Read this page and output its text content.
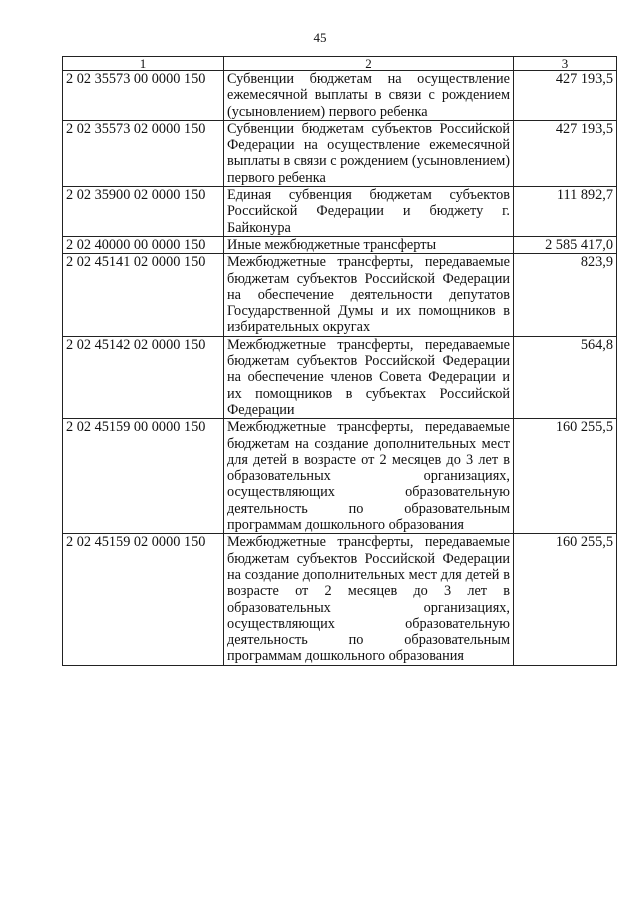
45
1	2	3
2 02 35573 00 0000 150	Субвенции бюджетам на осуществление ежемесячной выплаты в связи с рождением (усыновлением) первого ребенка	427 193,5
2 02 35573 02 0000 150	Субвенции бюджетам субъектов Российской Федерации на осуществление ежемесячной выплаты в связи с рождением (усыновлением) первого ребенка	427 193,5
2 02 35900 02 0000 150	Единая субвенция бюджетам субъектов Российской Федерации и бюджету г. Байконура	111 892,7
2 02 40000 00 0000 150	Иные межбюджетные трансферты	2 585 417,0
2 02 45141 02 0000 150	Межбюджетные трансферты, передаваемые бюджетам субъектов Российской Федерации на обеспечение деятельности депутатов Государственной Думы и их помощников в избирательных округах	823,9
2 02 45142 02 0000 150	Межбюджетные трансферты, передаваемые бюджетам субъектов Российской Федерации на обеспечение членов Совета Федерации и их помощников в субъектах Российской Федерации	564,8
2 02 45159 00 0000 150	Межбюджетные трансферты, передаваемые бюджетам на создание дополнительных мест для детей в возрасте от 2 месяцев до 3 лет в образовательных организациях, осуществляющих образовательную деятельность по образовательным программам дошкольного образования	160 255,5
2 02 45159 02 0000 150	Межбюджетные трансферты, передаваемые бюджетам субъектов Российской Федерации на создание дополнительных мест для детей в возрасте от 2 месяцев до 3 лет в образовательных организациях, осуществляющих образовательную деятельность по образовательным программам дошкольного образования	160 255,5
